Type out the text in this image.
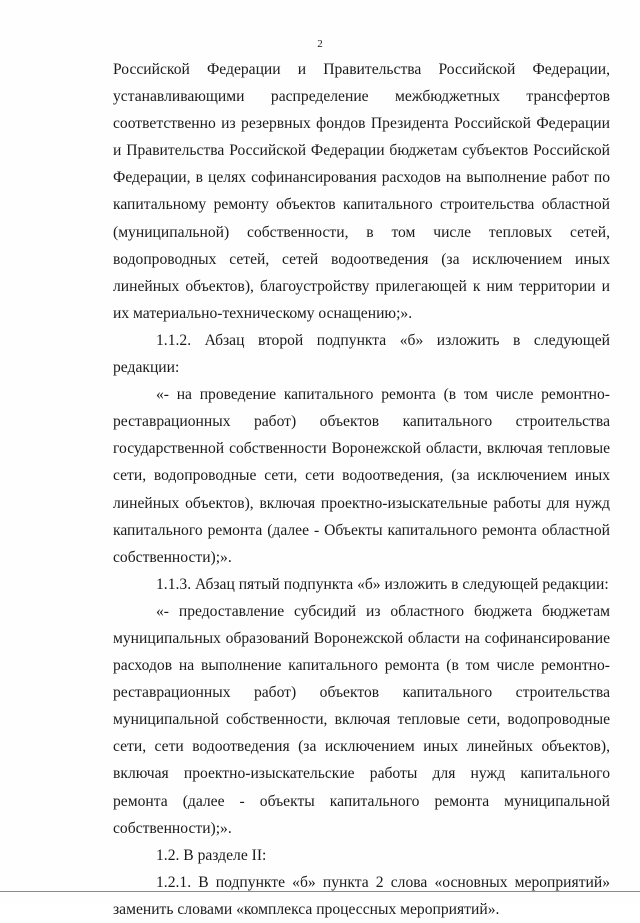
2

Российской Федерации и Правительства Российской Федерации, устанавливающими распределение межбюджетных трансфертов соответственно из резервных фондов Президента Российской Федерации и Правительства Российской Федерации бюджетам субъектов Российской Федерации, в целях софинансирования расходов на выполнение работ по капитальному ремонту объектов капитального строительства областной (муниципальной) собственности, в том числе тепловых сетей, водопроводных сетей, сетей водоотведения (за исключением иных линейных объектов), благоустройству прилегающей к ним территории и их материально-техническому оснащению;».

1.1.2. Абзац второй подпункта «б» изложить в следующей редакции:

«- на проведение капитального ремонта (в том числе ремонтно-реставрационных работ) объектов капитального строительства государственной собственности Воронежской области, включая тепловые сети, водопроводные сети, сети водоотведения, (за исключением иных линейных объектов), включая проектно-изыскательные работы для нужд капитального ремонта (далее - Объекты капитального ремонта областной собственности);».

1.1.3. Абзац пятый подпункта «б» изложить в следующей редакции:

«- предоставление субсидий из областного бюджета бюджетам муниципальных образований Воронежской области на софинансирование расходов на выполнение капитального ремонта (в том числе ремонтно-реставрационных работ) объектов капитального строительства муниципальной собственности, включая тепловые сети, водопроводные сети, сети водоотведения (за исключением иных линейных объектов), включая проектно-изыскательские работы для нужд капитального ремонта (далее - объекты капитального ремонта муниципальной собственности);».

1.2. В разделе II:

1.2.1. В подпункте «б» пункта 2 слова «основных мероприятий» заменить словами «комплекса процессных мероприятий».
